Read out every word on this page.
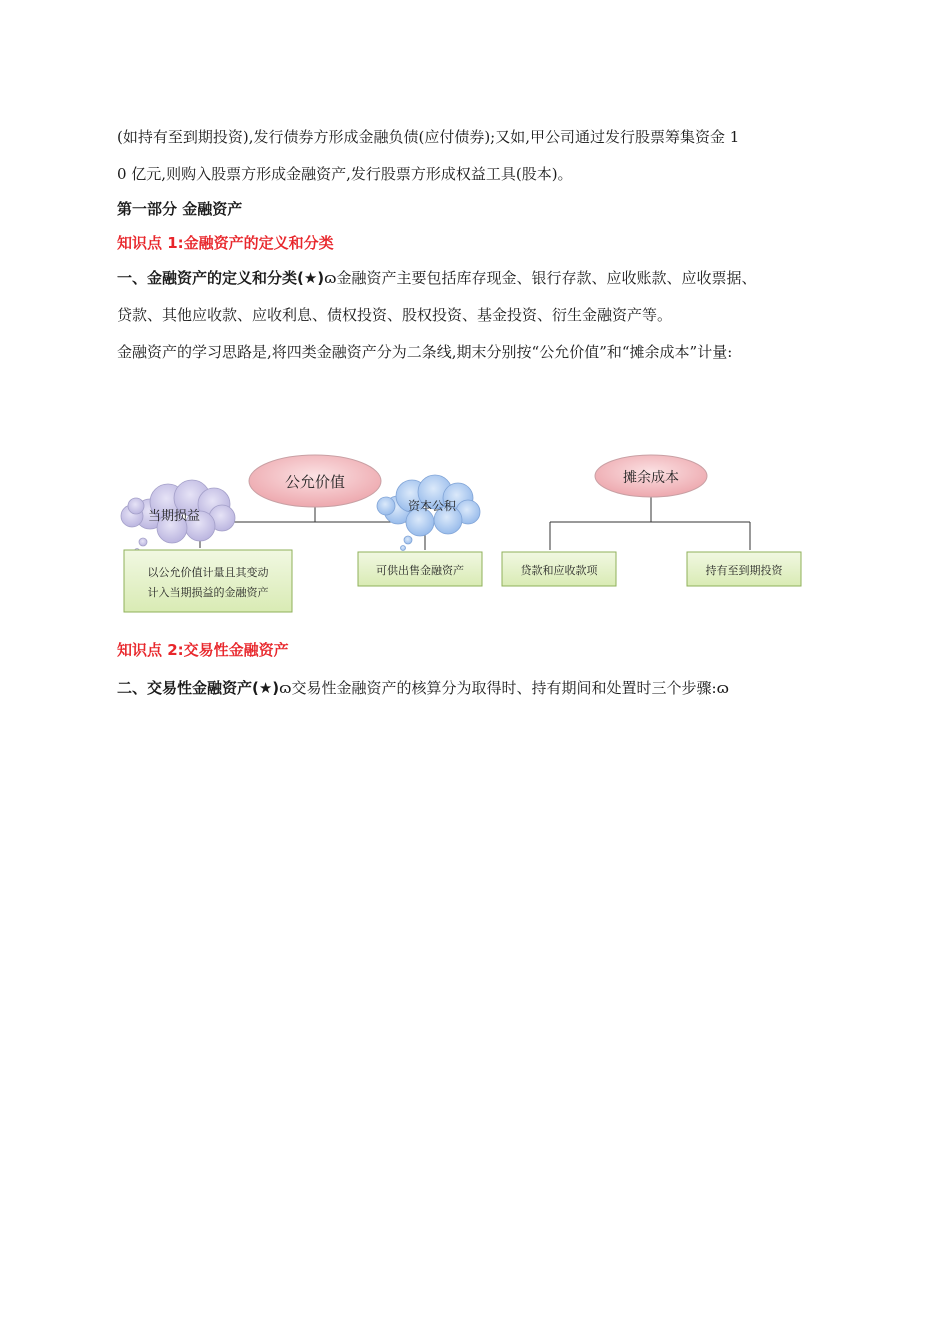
(如持有至到期投资),发行债券方形成金融负债(应付债券);又如,甲公司通过发行股票筹集资金 1
0 亿元,则购入股票方形成金融资产,发行股票方形成权益工具(股本)。
第一部分 金融资产
知识点 1:金融资产的定义和分类
一、金融资产的定义和分类(★)ɷ金融资产主要包括库存现金、银行存款、应收账款、应收票据、
贷款、其他应收款、应收利息、债权投资、股权投资、基金投资、衍生金融资产等。
金融资产的学习思路是,将四类金融资产分为二条线,期末分别按“公允价值”和“摊余成本”计量:
公允价值	摊余成本
当期损益
资本公积
以公允价值计量且其变动
计入当期损益的金融资产
可供出售金融资产	贷款和应收款项	持有至到期投资
知识点 2:交易性金融资产
二、交易性金融资产(★)ɷ交易性金融资产的核算分为取得时、持有期间和处置时三个步骤:ɷ
